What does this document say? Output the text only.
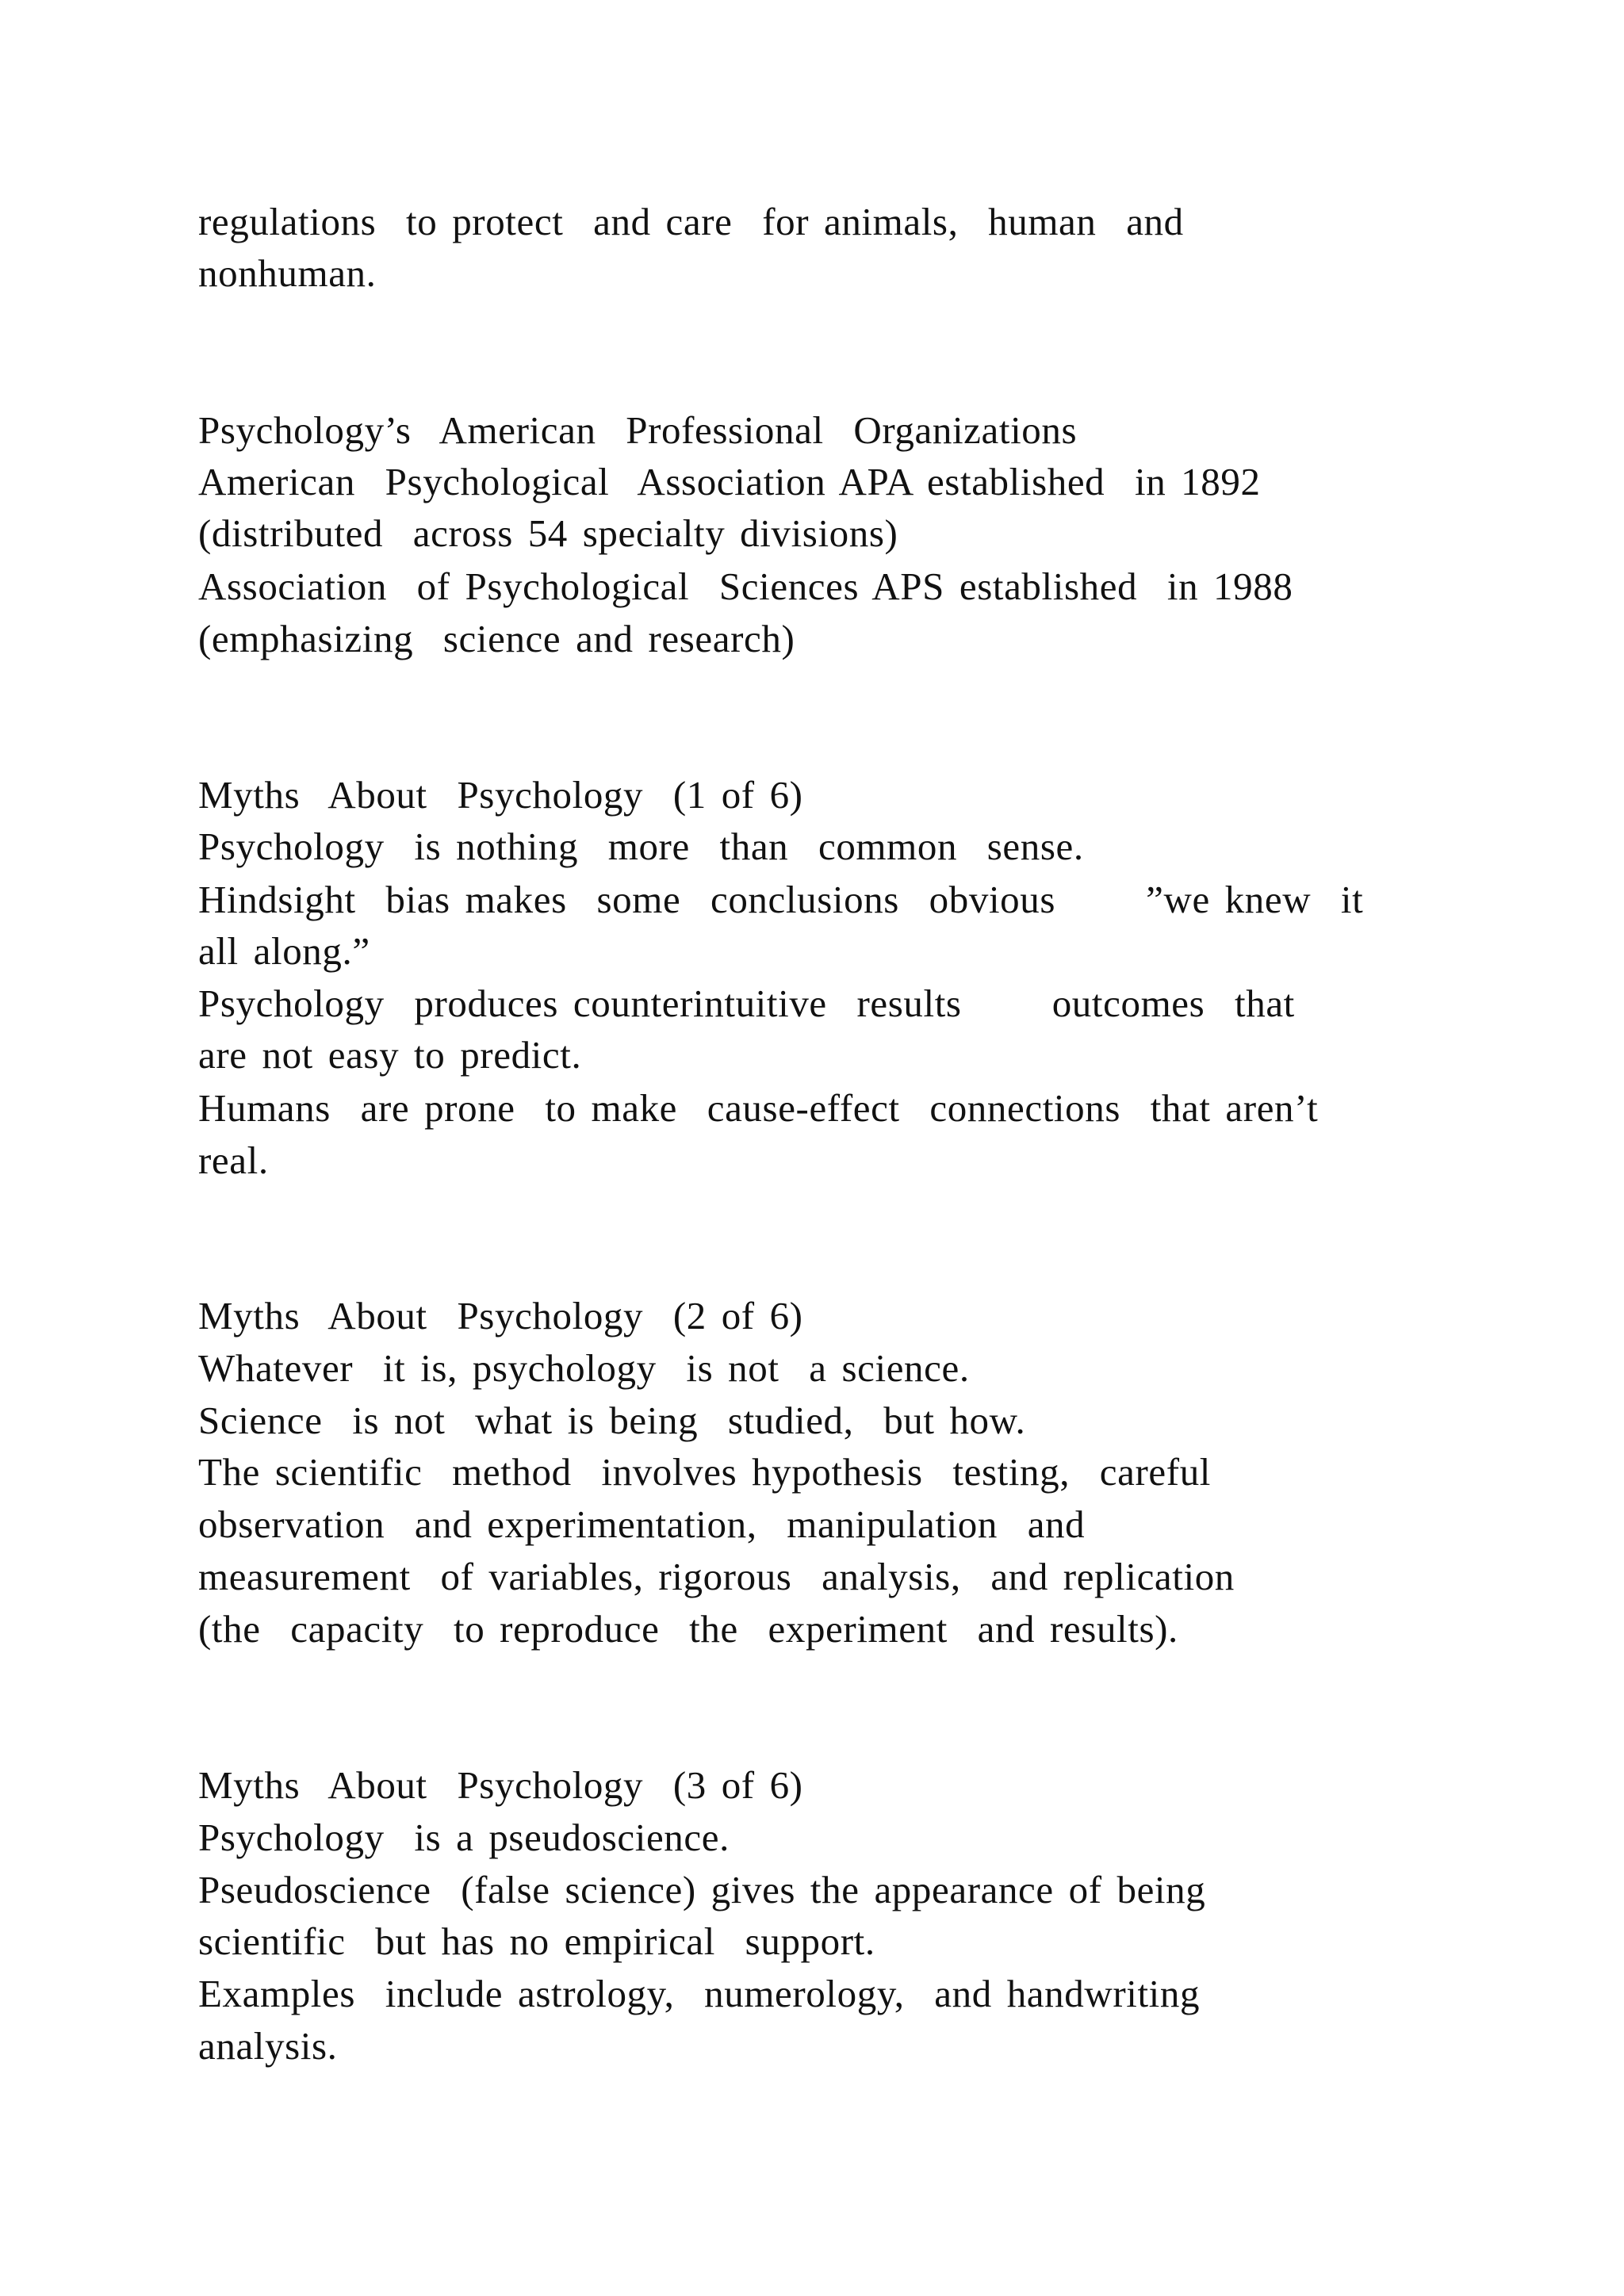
regulations  to protect  and care  for animals,  human  and
nonhuman.
Psychology’s  American  Professional  Organizations
American  Psychological  Association APA established  in 1892
(distributed  across 54 specialty divisions)
Association  of Psychological  Sciences APS established  in 1988
(emphasizing  science and research)
Myths  About  Psychology  (1 of 6)
Psychology  is nothing  more  than  common  sense.
Hindsight  bias makes  some  conclusions  obvious     ”we knew  it
all along.”
Psychology  produces counterintuitive  results     outcomes  that
are not easy to predict.
Humans  are prone  to make  cause-effect  connections  that aren’t
real.
Myths  About  Psychology  (2 of 6)
Whatever  it is, psychology  is not  a science.
Science  is not  what is being  studied,  but how.
The scientific  method  involves hypothesis  testing,  careful
observation  and experimentation,  manipulation  and
measurement  of variables, rigorous  analysis,  and replication
(the  capacity  to reproduce  the  experiment  and results).
Myths  About  Psychology  (3 of 6)
Psychology  is a pseudoscience.
Pseudoscience  (false science) gives the appearance of being
scientific  but has no empirical  support.
Examples  include astrology,  numerology,  and handwriting
analysis.
